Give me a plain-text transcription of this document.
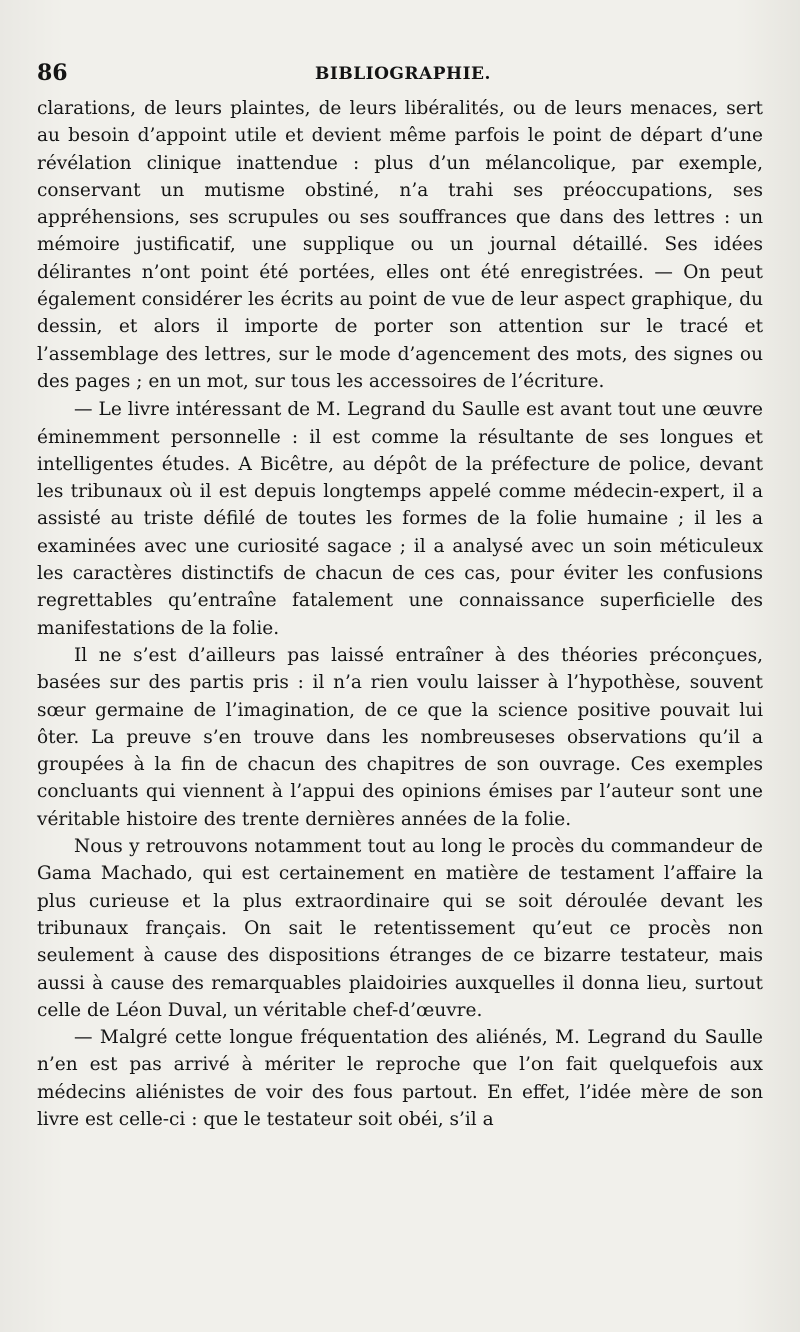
86	BIBLIOGRAPHIE.

clarations, de leurs plaintes, de leurs libéralités, ou de leurs menaces, sert au besoin d’appoint utile et devient même parfois le point de départ d’une révélation clinique inattendue : plus d’un mélancolique, par exemple, conservant un mutisme obstiné, n’a trahi ses préoccupations, ses appréhensions, ses scrupules ou ses souffrances que dans des lettres : un mémoire justificatif, une supplique ou un journal détaillé. Ses idées délirantes n’ont point été portées, elles ont été enregistrées. — On peut également considérer les écrits au point de vue de leur aspect graphique, du dessin, et alors il importe de porter son attention sur le tracé et l’assemblage des lettres, sur le mode d’agencement des mots, des signes ou des pages ; en un mot, sur tous les accessoires de l’écriture.

— Le livre intéressant de M. Legrand du Saulle est avant tout une œuvre éminemment personnelle : il est comme la résultante de ses longues et intelligentes études. A Bicêtre, au dépôt de la préfecture de police, devant les tribunaux où il est depuis longtemps appelé comme médecin-expert, il a assisté au triste défilé de toutes les formes de la folie humaine ; il les a examinées avec une curiosité sagace ; il a analysé avec un soin méticuleux les caractères distinctifs de chacun de ces cas, pour éviter les confusions regrettables qu’entraîne fatalement une connaissance superficielle des manifestations de la folie.

Il ne s’est d’ailleurs pas laissé entraîner à des théories préconçues, basées sur des partis pris : il n’a rien voulu laisser à l’hypothèse, souvent sœur germaine de l’imagination, de ce que la science positive pouvait lui ôter. La preuve s’en trouve dans les nombreuseses observations qu’il a groupées à la fin de chacun des chapitres de son ouvrage. Ces exemples concluants qui viennent à l’appui des opinions émises par l’auteur sont une véritable histoire des trente dernières années de la folie.

Nous y retrouvons notamment tout au long le procès du commandeur de Gama Machado, qui est certainement en matière de testament l’affaire la plus curieuse et la plus extraordinaire qui se soit déroulée devant les tribunaux français. On sait le retentissement qu’eut ce procès non seulement à cause des dispositions étranges de ce bizarre testateur, mais aussi à cause des remarquables plaidoiries auxquelles il donna lieu, surtout celle de Léon Duval, un véritable chef-d’œuvre.

— Malgré cette longue fréquentation des aliénés, M. Legrand du Saulle n’en est pas arrivé à mériter le reproche que l’on fait quelquefois aux médecins aliénistes de voir des fous partout. En effet, l’idée mère de son livre est celle-ci : que le testateur soit obéi, s’il a
